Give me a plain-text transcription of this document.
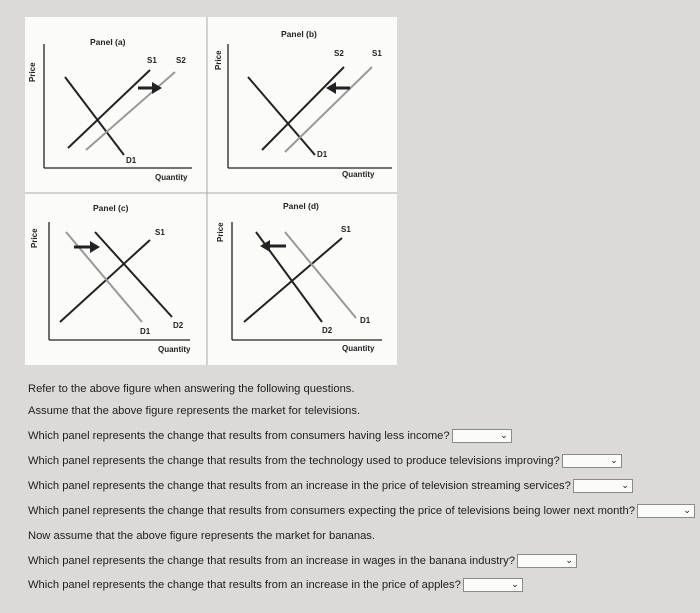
Panel (a)
Price
S1 S2
D1
Quantity
Panel (b)
Price	S2	S1
D1
Quantity
Panel (c)
Price	S1
D1
D2
Quantity
Panel (d)
Price	S1
D2
D1
Quantity
Refer to the above figure when answering the following questions.
Assume that the above figure represents the market for televisions.
Which panel represents the change that results from consumers having less income?	⌄
Which panel represents the change that results from the technology used to produce televisions improving?	⌄
Which panel represents the change that results from an increase in the price of television streaming services?	⌄
Which panel represents the change that results from consumers expecting the price of televisions being lower next month?	⌄
Now assume that the above figure represents the market for bananas.
Which panel represents the change that results from an increase in wages in the banana industry?	⌄
Which panel represents the change that results from an increase in the price of apples?	⌄
